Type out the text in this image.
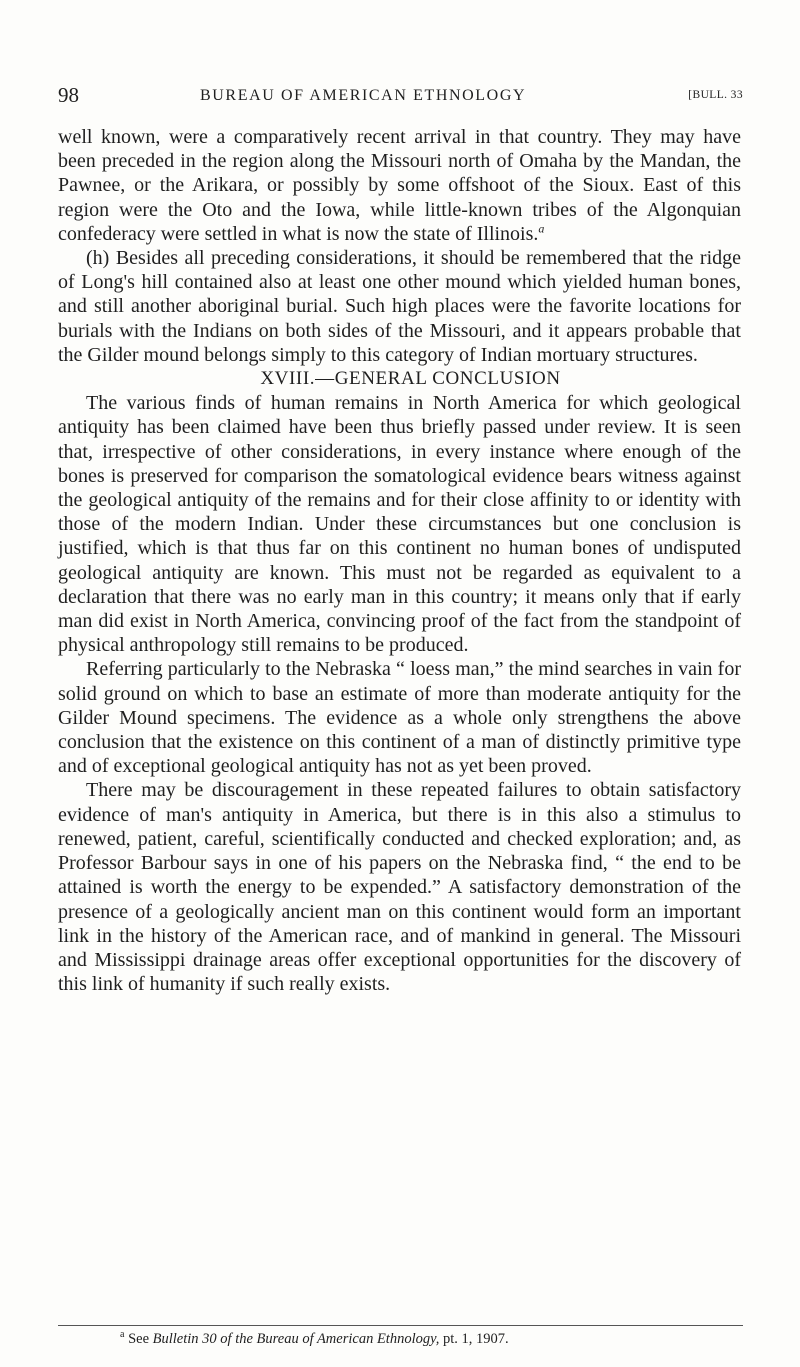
98	BUREAU OF AMERICAN ETHNOLOGY	[BULL. 33

well known, were a comparatively recent arrival in that country. They may have been preceded in the region along the Missouri north of Omaha by the Mandan, the Pawnee, or the Arikara, or possibly by some offshoot of the Sioux. East of this region were the Oto and the Iowa, while little-known tribes of the Algonquian confederacy were settled in what is now the state of Illinois.$^a$

(h) Besides all preceding considerations, it should be remembered that the ridge of Long's hill contained also at least one other mound which yielded human bones, and still another aboriginal burial. Such high places were the favorite locations for burials with the Indians on both sides of the Missouri, and it appears probable that the Gilder mound belongs simply to this category of Indian mortuary structures.

XVIII.—GENERAL CONCLUSION

The various finds of human remains in North America for which geological antiquity has been claimed have been thus briefly passed under review. It is seen that, irrespective of other considerations, in every instance where enough of the bones is preserved for comparison the somatological evidence bears witness against the geological antiquity of the remains and for their close affinity to or identity with those of the modern Indian. Under these circumstances but one conclusion is justified, which is that thus far on this continent no human bones of undisputed geological antiquity are known. This must not be regarded as equivalent to a declaration that there was no early man in this country; it means only that if early man did exist in North America, convincing proof of the fact from the standpoint of physical anthropology still remains to be produced.

Referring particularly to the Nebraska “ loess man,” the mind searches in vain for solid ground on which to base an estimate of more than moderate antiquity for the Gilder Mound specimens. The evidence as a whole only strengthens the above conclusion that the existence on this continent of a man of distinctly primitive type and of exceptional geological antiquity has not as yet been proved.

There may be discouragement in these repeated failures to obtain satisfactory evidence of man's antiquity in America, but there is in this also a stimulus to renewed, patient, careful, scientifically conducted and checked exploration; and, as Professor Barbour says in one of his papers on the Nebraska find, “ the end to be attained is worth the energy to be expended.” A satisfactory demonstration of the presence of a geologically ancient man on this continent would form an important link in the history of the American race, and of mankind in general. The Missouri and Mississippi drainage areas offer exceptional opportunities for the discovery of this link of humanity if such really exists.

$^a$ See Bulletin 30 of the Bureau of American Ethnology, pt. 1, 1907.
